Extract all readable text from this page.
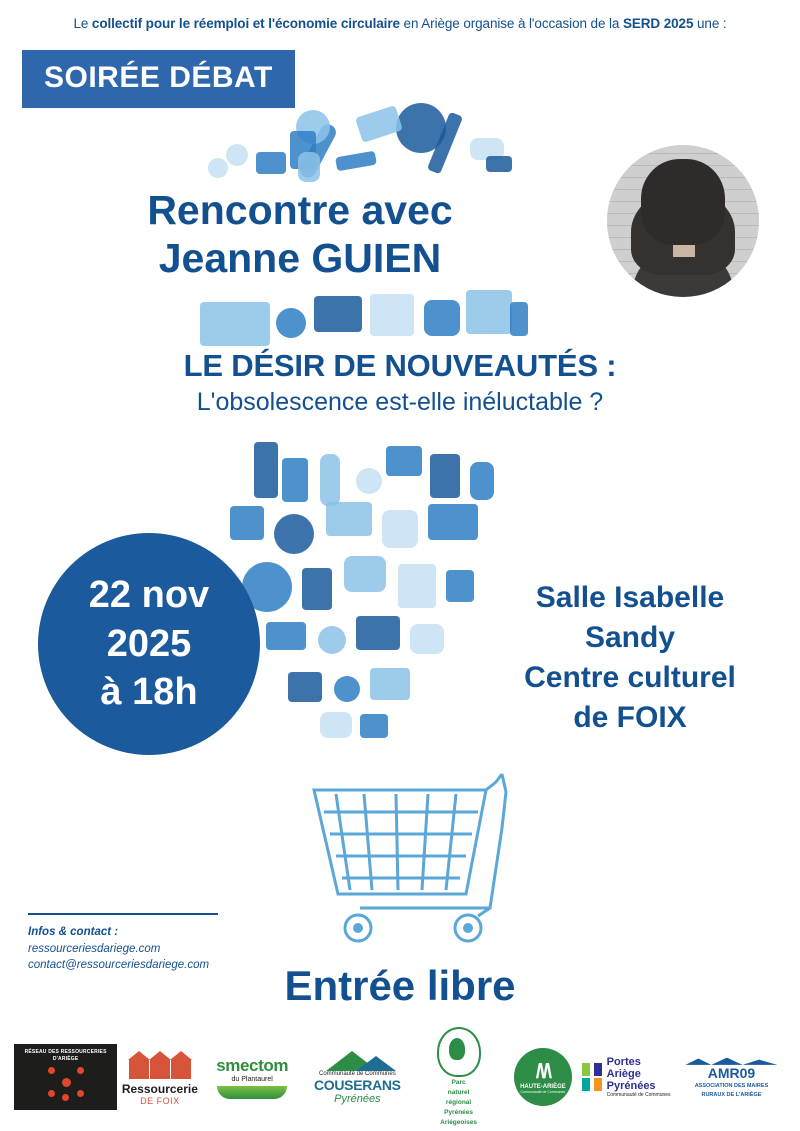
Le collectif pour le réemploi et l'économie circulaire en Ariège organise à l'occasion de la SERD 2025 une :
SOIRÉE DÉBAT
Rencontre avec
Jeanne GUIEN
LE DÉSIR DE NOUVEAUTÉS :
L'obsolescence est-elle inéluctable ?
22 nov
2025
à 18h
Salle Isabelle
Sandy
Centre culturel
de FOIX
Infos & contact :
ressourceriesdariege.com
contact@ressourceriesdariege.com	Entrée libre
RÉSEAU DES RESSOURCERIES
D'ARIÈGE
Ressourcerie
DE FOIX
smectom
du Plantaurel
Communauté de Communes
COUSERANS
Pyrénées
Parc
naturel
régional
Pyrénées
Ariégeoises
/\/\
HAUTE-ARIÈGE
Communauté de Communes
Portes
Ariège
Pyrénées
Communauté de Communes
AMR09
ASSOCIATION DES MAIRES
RURAUX DE L'ARIÈGE
